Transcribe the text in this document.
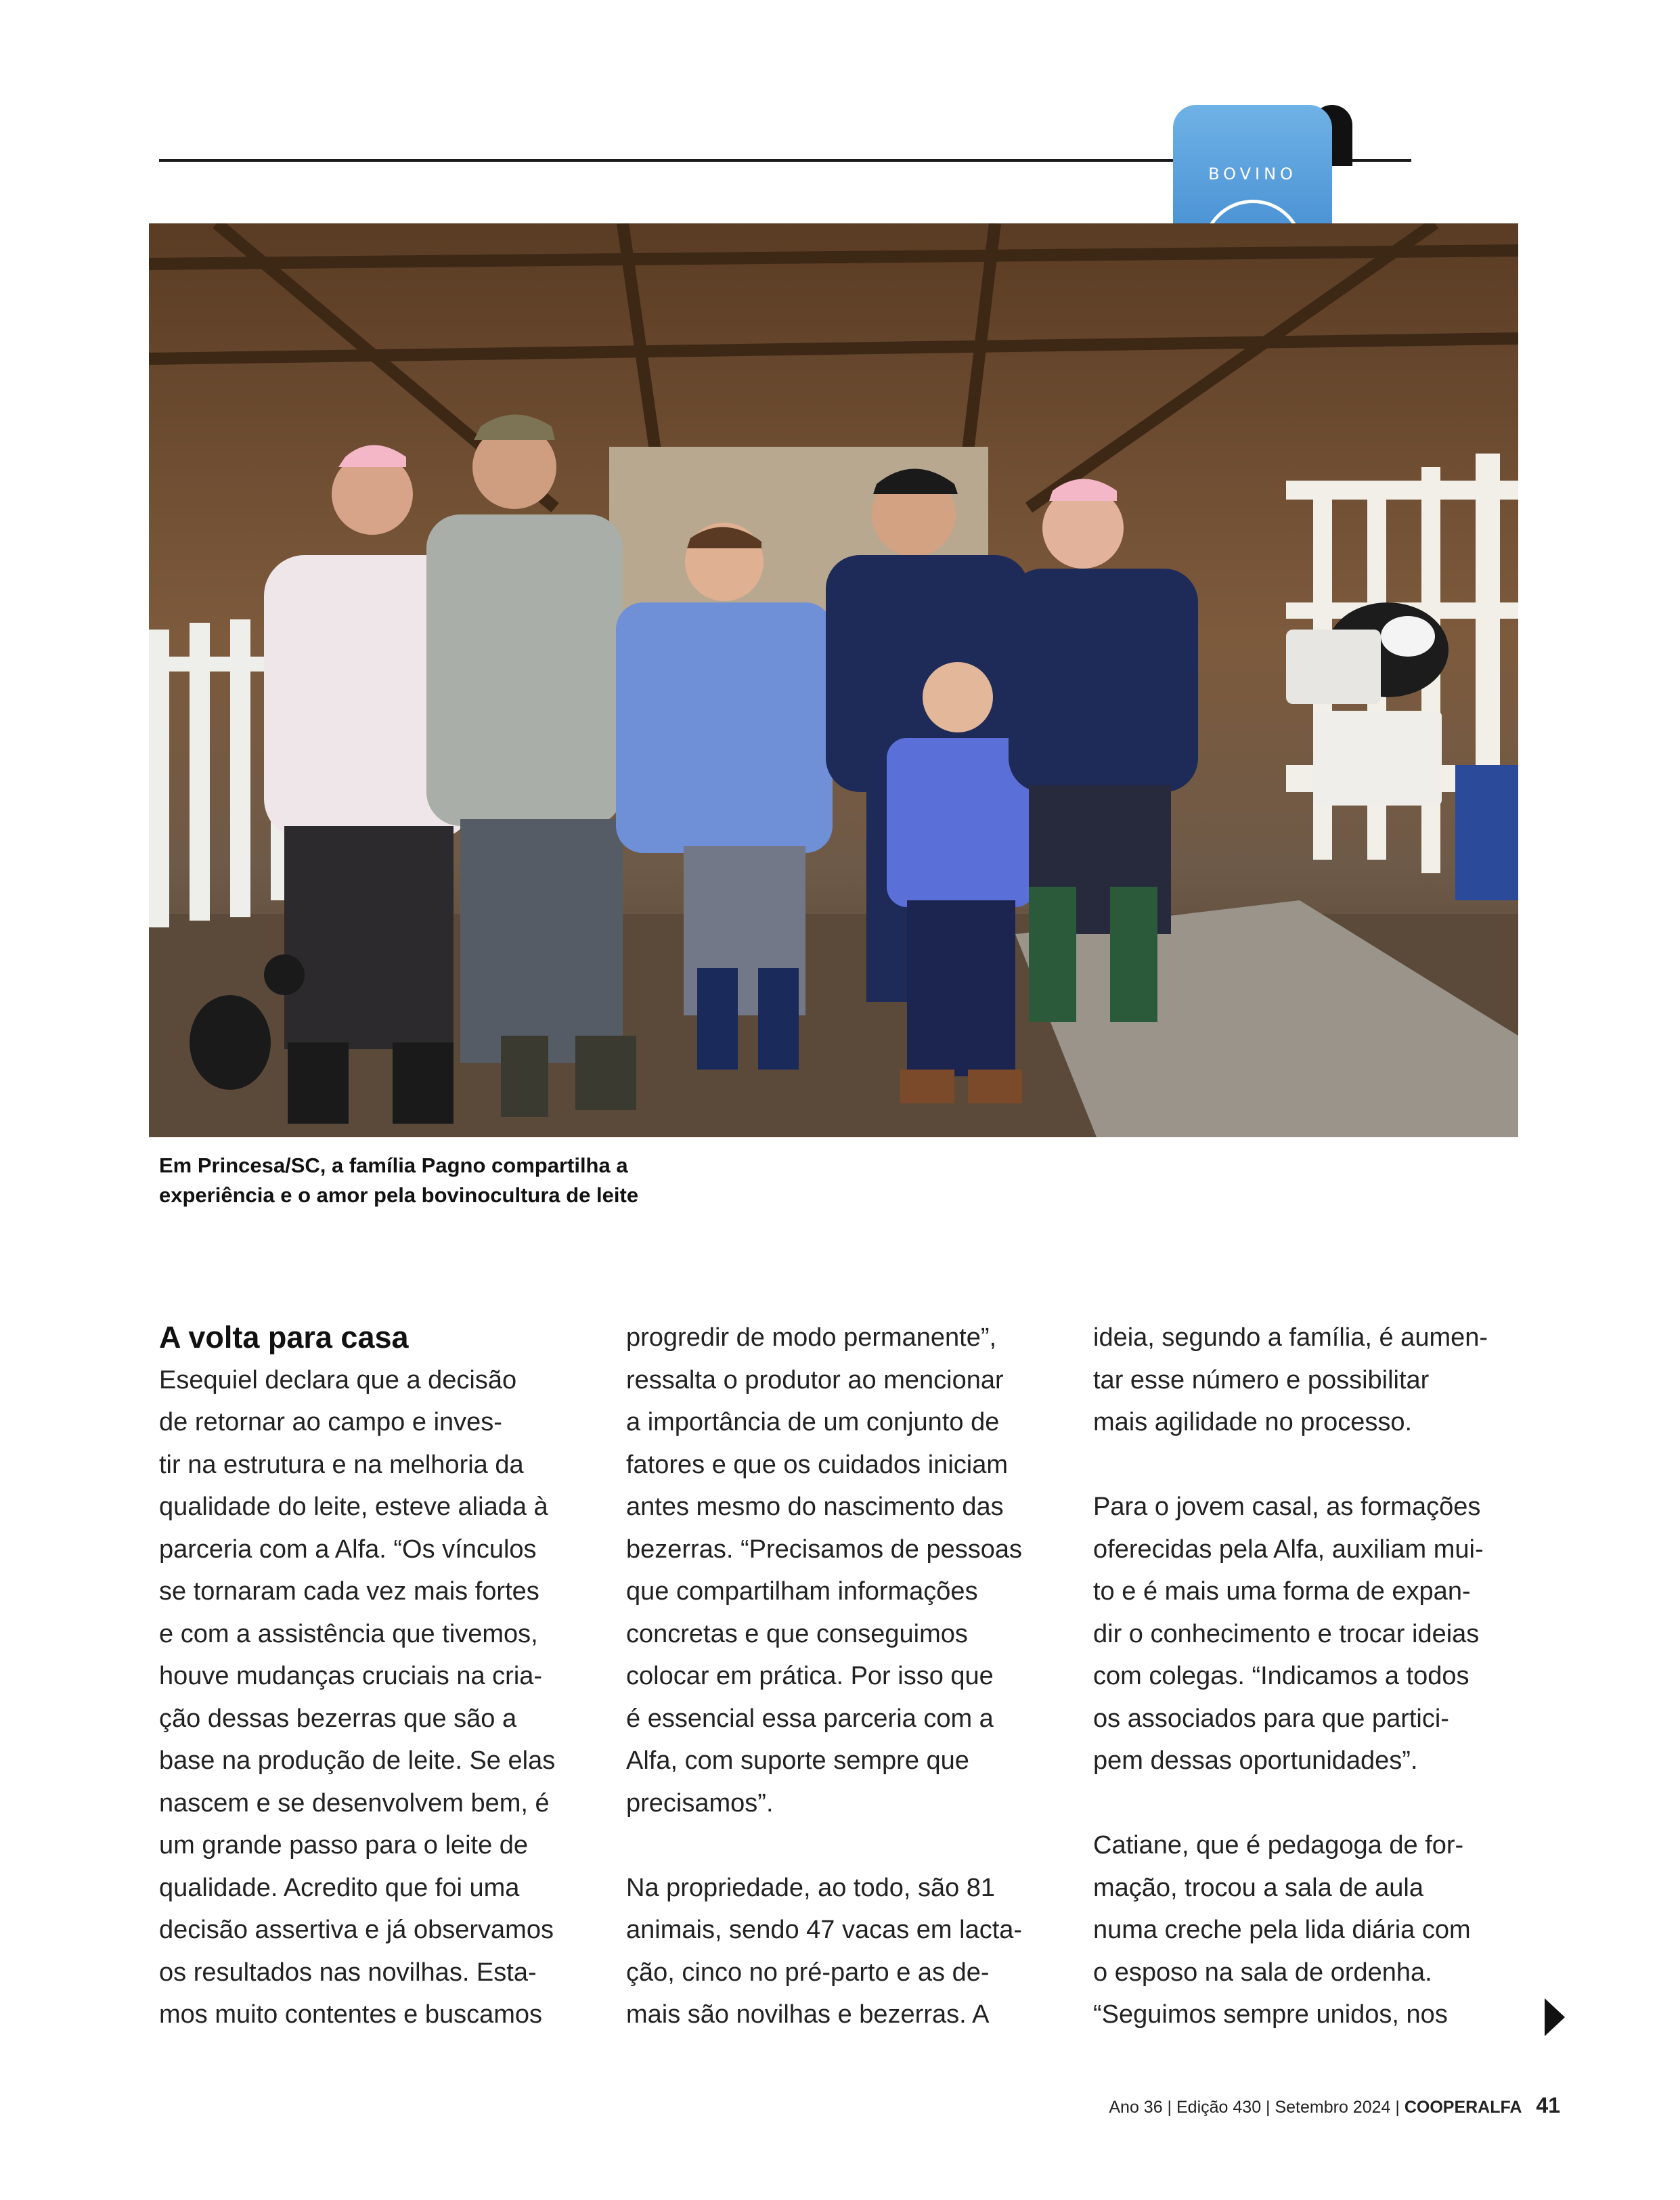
BOVINO
Em Princesa/SC, a família Pagno compartilha a
experiência e o amor pela bovinocultura de leite
A volta para casa
Esequiel declara que a decisão
de retornar ao campo e inves-
tir na estrutura e na melhoria da
qualidade do leite, esteve aliada à
parceria com a Alfa. “Os vínculos
se tornaram cada vez mais fortes
e com a assistência que tivemos,
houve mudanças cruciais na cria-
ção dessas bezerras que são a
base na produção de leite. Se elas
nascem e se desenvolvem bem, é
um grande passo para o leite de
qualidade. Acredito que foi uma
decisão assertiva e já observamos
os resultados nas novilhas. Esta-
mos muito contentes e buscamos
progredir de modo permanente”,
ressalta o produtor ao mencionar
a importância de um conjunto de
fatores e que os cuidados iniciam
antes mesmo do nascimento das
bezerras. “Precisamos de pessoas
que compartilham informações
concretas e que conseguimos
colocar em prática. Por isso que
é essencial essa parceria com a
Alfa, com suporte sempre que
precisamos”.
Na propriedade, ao todo, são 81
animais, sendo 47 vacas em lacta-
ção, cinco no pré-parto e as de-
mais são novilhas e bezerras. A
ideia, segundo a família, é aumen-
tar esse número e possibilitar
mais agilidade no processo.
Para o jovem casal, as formações
oferecidas pela Alfa, auxiliam mui-
to e é mais uma forma de expan-
dir o conhecimento e trocar ideias
com colegas. “Indicamos a todos
os associados para que partici-
pem dessas oportunidades”.
Catiane, que é pedagoga de for-
mação, trocou a sala de aula
numa creche pela lida diária com
o esposo na sala de ordenha.
“Seguimos sempre unidos, nos
Ano 36 | Edição 430 | Setembro 2024 | COOPERALFA 41
